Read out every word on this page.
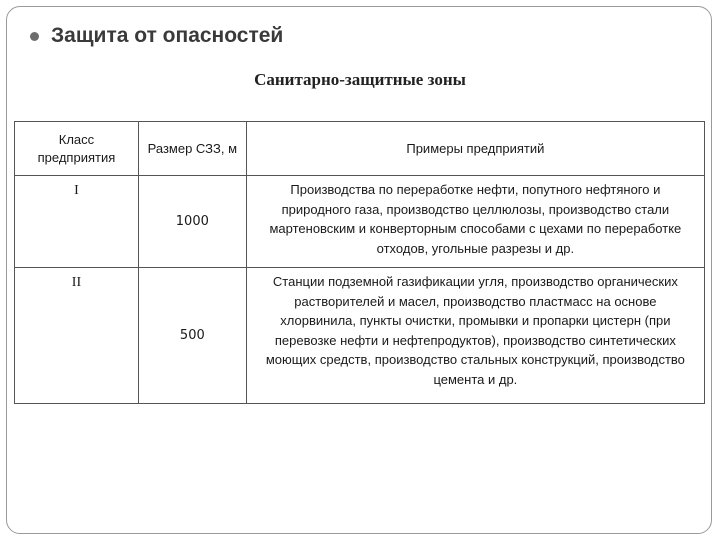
Защита от опасностей
Санитарно-защитные зоны
Класс предприятия	Размер СЗЗ, м	Примеры предприятий
I	1000	Производства по переработке нефти, попутного нефтяного и природного газа, производство целлюлозы, производство стали мартеновским и конверторным способами с цехами по переработке отходов, угольные разрезы и др.
II	500	Станции подземной газификации угля, производство органических растворителей и масел, производство пластмасс на основе хлорвинила, пункты очистки, промывки и пропарки цистерн (при перевозке нефти и нефтепродуктов), производство синтетических моющих средств, производство стальных конструкций, производство цемента и др.
